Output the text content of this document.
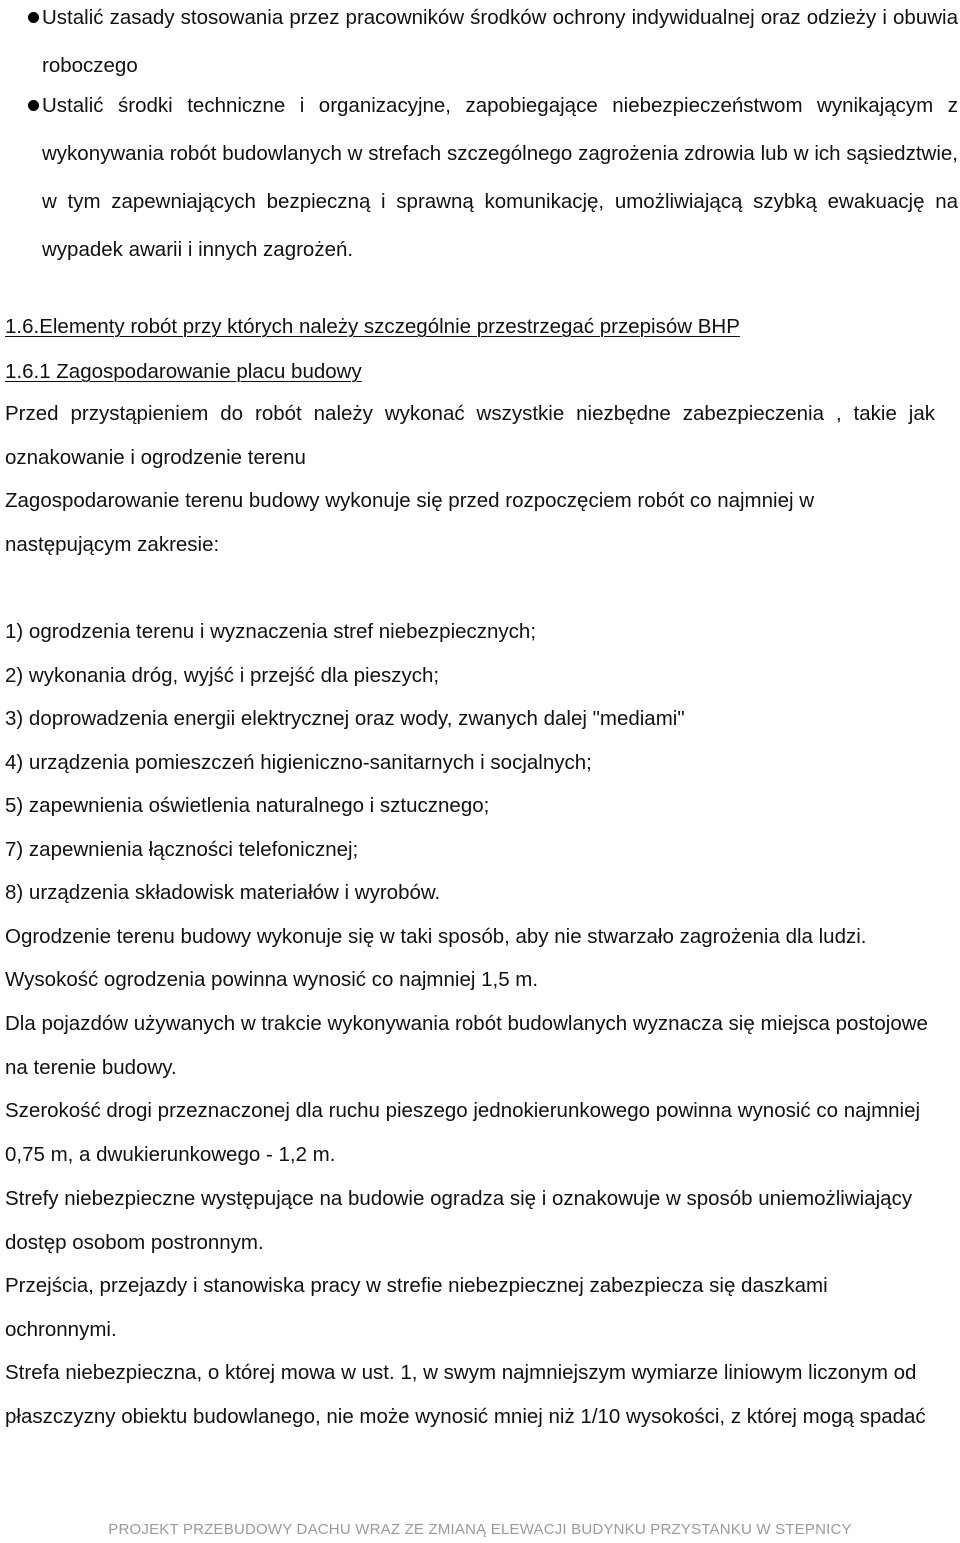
Ustalić zasady stosowania przez pracowników środków ochrony indywidualnej oraz odzieży i obuwia roboczego
Ustalić środki techniczne i organizacyjne, zapobiegające niebezpieczeństwom wynikającym z wykonywania robót budowlanych w strefach szczególnego zagrożenia zdrowia lub w ich sąsiedztwie, w tym zapewniających bezpieczną i sprawną komunikację, umożliwiającą szybką ewakuację na wypadek awarii i innych zagrożeń.
1.6.Elementy robót przy których należy szczególnie przestrzegać przepisów BHP
1.6.1 Zagospodarowanie placu budowy
Przed przystąpieniem do robót należy wykonać wszystkie niezbędne zabezpieczenia , takie jak oznakowanie i ogrodzenie terenu
Zagospodarowanie terenu budowy wykonuje się przed rozpoczęciem robót co najmniej w następującym zakresie:
1) ogrodzenia terenu i wyznaczenia stref niebezpiecznych;
2) wykonania dróg, wyjść i przejść dla pieszych;
3) doprowadzenia energii elektrycznej oraz wody, zwanych dalej "mediami"
4) urządzenia pomieszczeń higieniczno-sanitarnych i socjalnych;
5) zapewnienia oświetlenia naturalnego i sztucznego;
7) zapewnienia łączności telefonicznej;
8) urządzenia składowisk materiałów i wyrobów.
Ogrodzenie terenu budowy wykonuje się w taki sposób, aby nie stwarzało zagrożenia dla ludzi.
Wysokość ogrodzenia powinna wynosić co najmniej 1,5 m.
Dla pojazdów używanych w trakcie wykonywania robót budowlanych wyznacza się miejsca postojowe na terenie budowy.
Szerokość drogi przeznaczonej dla ruchu pieszego jednokierunkowego powinna wynosić co najmniej 0,75 m, a dwukierunkowego - 1,2 m.
Strefy niebezpieczne występujące na budowie ogradza się i oznakowuje w sposób uniemożliwiający dostęp osobom postronnym.
Przejścia, przejazdy i stanowiska pracy w strefie niebezpiecznej zabezpiecza się daszkami ochronnymi.
Strefa niebezpieczna, o której mowa w ust. 1, w swym najmniejszym wymiarze liniowym liczonym od płaszczyzny obiektu budowlanego, nie może wynosić mniej niż 1/10 wysokości, z której mogą spadać
PROJEKT PRZEBUDOWY DACHU WRAZ ZE ZMIANĄ ELEWACJI BUDYNKU PRZYSTANKU W STEPNICY
